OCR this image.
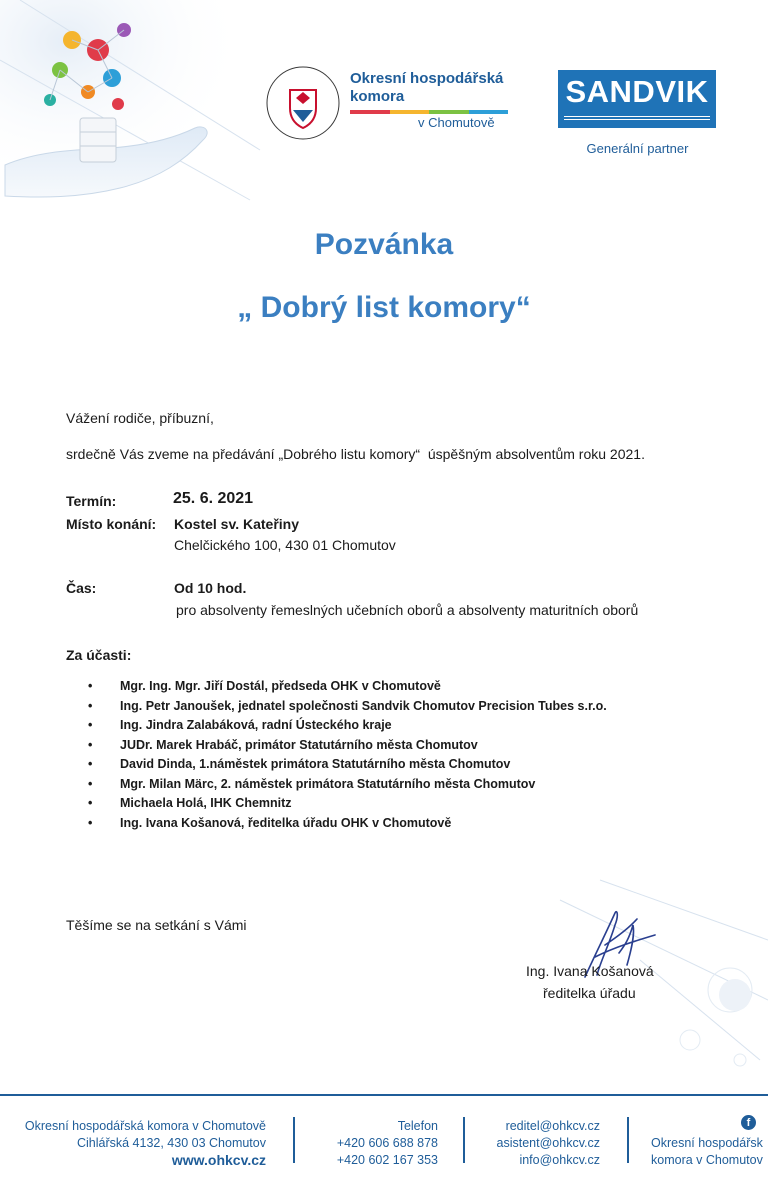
Okresní hospodářská
komora
v Chomutově
SANDVIK
Generální partner
Pozvánka
„ Dobrý list komory“
Vážení rodiče, příbuzní,
srdečně Vás zveme na předávání „Dobrého listu komory“  úspěšným absolventům roku 2021.
Termín:	25. 6. 2021
Místo konání: Kostel sv. Kateřiny
Chelčického 100, 430 01 Chomutov
Čas:	Od 10 hod.
pro absolventy řemeslných učebních oborů a absolventy maturitních oborů
Za účasti:
• Mgr. Ing. Mgr. Jiří Dostál, předseda OHK v Chomutově
• Ing. Petr Janoušek, jednatel společnosti Sandvik Chomutov Precision Tubes s.r.o.
• Ing. Jindra Zalabáková, radní Ústeckého kraje
• JUDr. Marek Hrabáč, primátor Statutárního města Chomutov
• David Dinda, 1.náměstek primátora Statutárního města Chomutov
• Mgr. Milan Märc, 2. náměstek primátora Statutárního města Chomutov
• Michaela Holá, IHK Chemnitz
• Ing. Ivana Košanová, ředitelka úřadu OHK v Chomutově
Těšíme se na setkání s Vámi
Ing. Ivana Košanová
ředitelka úřadu
Okresní hospodářská komora v Chomutově
Cihlářská 4132, 430 03 Chomutov
www.ohkcv.cz
Telefon
+420 606 688 878
+420 602 167 353
reditel@ohkcv.cz
asistent@ohkcv.cz
info@ohkcv.cz
f
Okresní hospodářsk
komora v Chomutov
